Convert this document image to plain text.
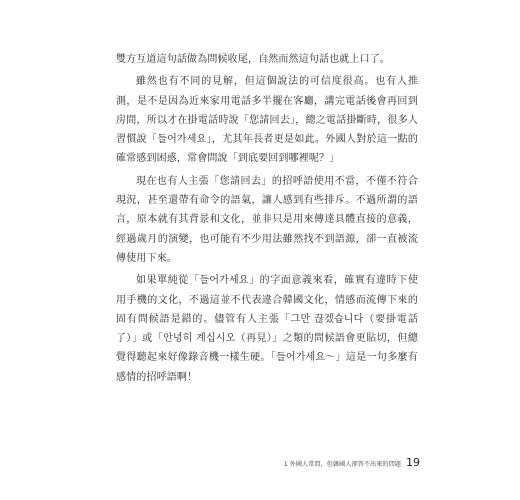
雙方互道這句話做為問候收尾，自然而然這句話也就上口了。

雖然也有不同的見解，但這個說法的可信度很高。也有人推測，是不是因為近來家用電話多半擺在客廳，講完電話後會再回到房間，所以才在掛電話時說「您請回去」，總之電話掛斷時，很多人習慣說「들어가세요」，尤其年長者更是如此。外國人對於這一點的確常感到困惑，常會問說「到底要回到哪裡呢？」

現在也有人主張「您請回去」的招呼語使用不當，不僅不符合現況，甚至還帶有命令的語氣，讓人感到有些排斥。不過所謂的語言，原本就有其背景和文化，並非只是用來傳達具體直接的意義，經過歲月的演變，也可能有不少用法雖然找不到語源，卻一直被流傳使用下來。

如果單純從「들어가세요」的字面意義來看，確實有違時下使用手機的文化，不過這並不代表違合韓國文化，情感而流傳下來的固有問候語是錯的。儘管有人主張「그만 끊겠습니다（要掛電話了）」或「안녕히 계십시오（再見）」之類的問候語會更貼切，但總覺得聽起來好像錄音機一樣生硬。「들어가세요～」這是一句多麼有感情的招呼語啊！

1 外國人常問，但韓國人卻答不出來的問題 19
